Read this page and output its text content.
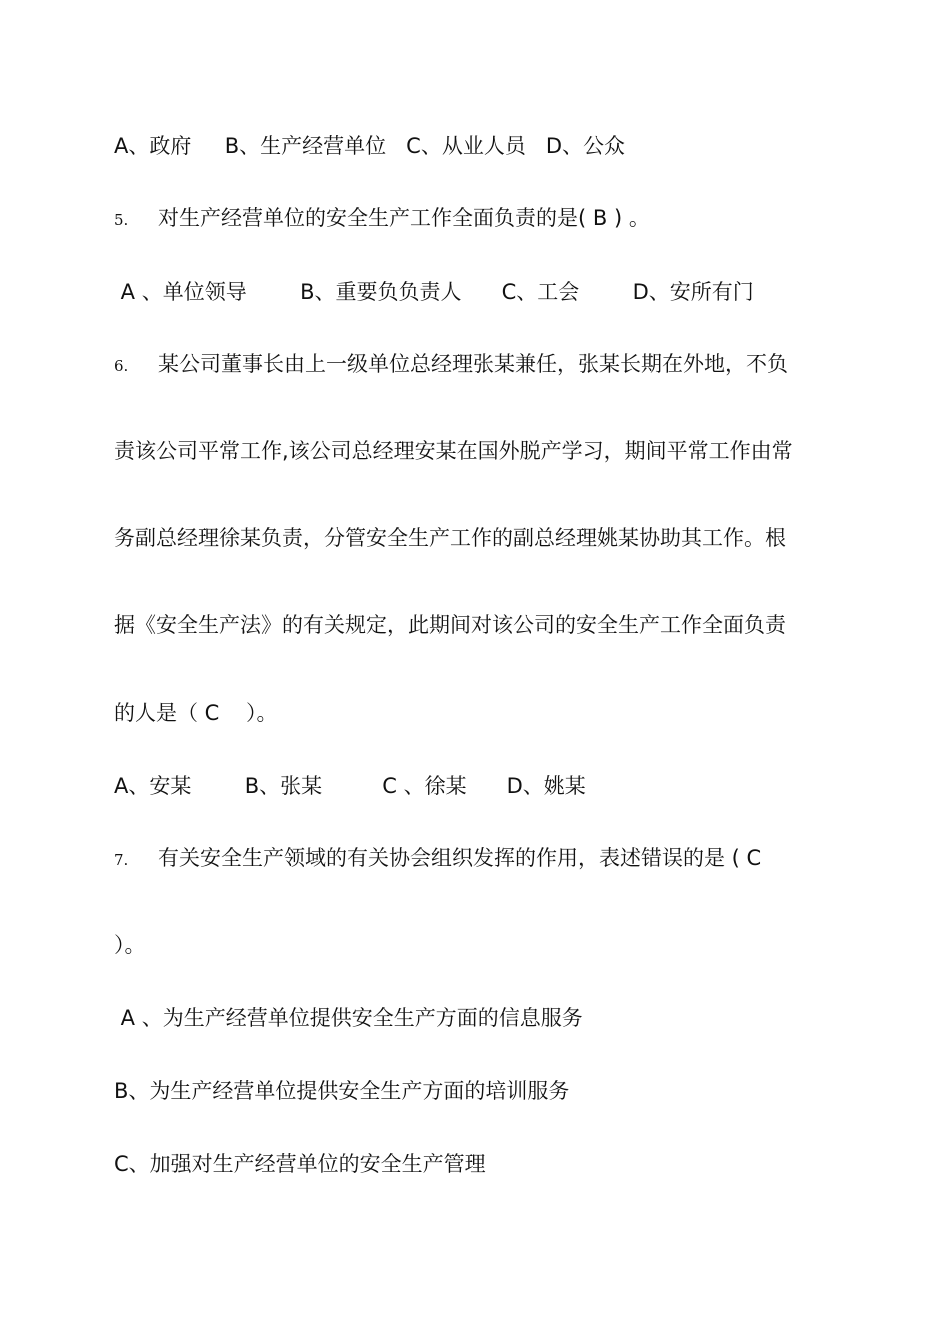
A、政府     B、生产经营单位   C、从业人员   D、公众
5. 对生产经营单位的安全生产工作全面负责的是( B ) 。
A 、单位领导        B、重要负负责人      C、工会        D、安所有门
6. 某公司董事长由上一级单位总经理张某兼任，张某长期在外地，不负
责该公司平常工作,该公司总经理安某在国外脱产学习，期间平常工作由常
务副总经理徐某负责，分管安全生产工作的副总经理姚某协助其工作。根
据《安全生产法》的有关规定，此期间对该公司的安全生产工作全面负责
的人是（ C    ）。
A、安某        B、张某         C 、徐某      D、姚某
7. 有关安全生产领域的有关协会组织发挥的作用，表述错误的是 ( C
）。
A 、为生产经营单位提供安全生产方面的信息服务
B、为生产经营单位提供安全生产方面的培训服务
C、加强对生产经营单位的安全生产管理
